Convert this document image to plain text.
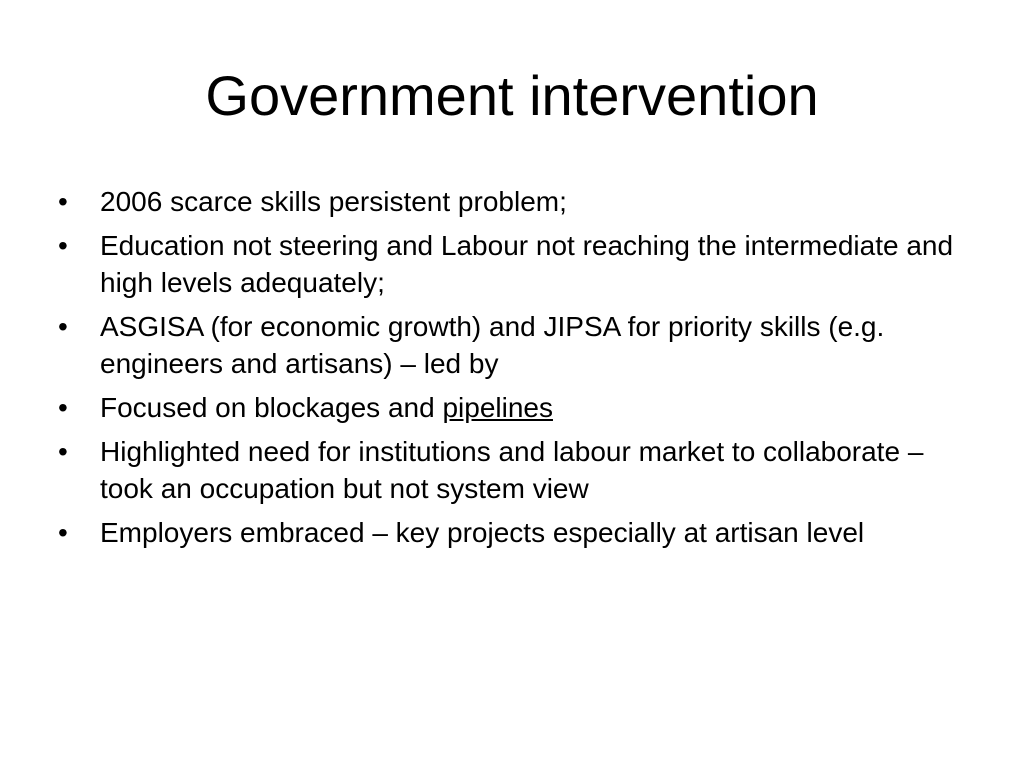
Government intervention
• 2006 scarce skills persistent problem;
• Education not steering and Labour not reaching the intermediate and high levels adequately;
• ASGISA (for economic growth) and JIPSA for priority skills (e.g. engineers and artisans) – led by
• Focused on blockages and pipelines
• Highlighted need for institutions and labour market to collaborate – took an occupation but not system view
• Employers embraced – key projects especially at artisan level
